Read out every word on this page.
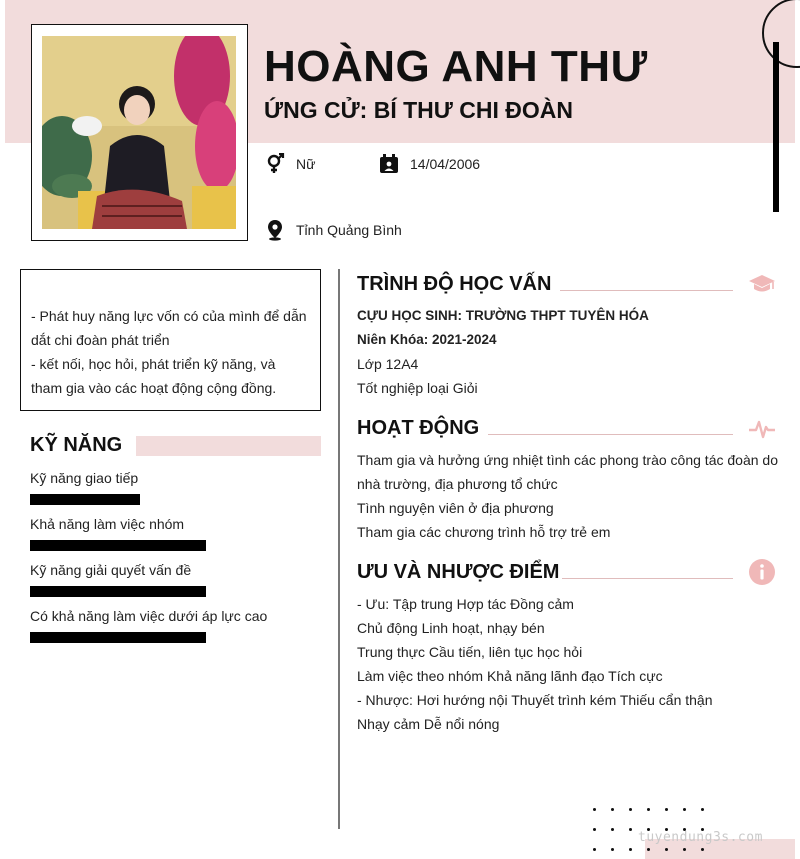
HOÀNG ANH THƯ
ỨNG CỬ: BÍ THƯ CHI ĐOÀN
Nữ	14/04/2006
Tỉnh Quảng Bình

- Phát huy năng lực vốn có của mình để dẫn dắt chi đoàn phát triển

- kết nối, học hỏi, phát triển kỹ năng, và tham gia vào các hoạt động cộng đồng.

KỸ NĂNG
Kỹ năng giao tiếp
Khả năng làm việc nhóm
Kỹ năng giải quyết vấn đề
Có khả năng làm việc dưới áp lực cao
TRÌNH ĐỘ HỌC VẤN
CỰU HỌC SINH: TRƯỜNG THPT TUYÊN HÓA
Niên Khóa: 2021-2024
Lớp 12A4
Tốt nghiệp loại Giỏi
HOẠT ĐỘNG
Tham gia và hưởng ứng nhiệt tình các phong trào công tác đoàn do
nhà trường, địa phương tổ chức
Tình nguyện viên ở địa phương
Tham gia các chương trình hỗ trợ trẻ em
ƯU VÀ NHƯỢC ĐIỂM
- Ưu: Tập trung Hợp tác Đồng cảm
Chủ động Linh hoạt, nhạy bén
Trung thực Cầu tiến, liên tục học hỏi
Làm việc theo nhóm Khả năng lãnh đạo Tích cực
- Nhược: Hơi hướng nội Thuyết trình kém Thiếu cẩn thận
Nhạy cảm Dễ nổi nóng
tuyendung3s.com
